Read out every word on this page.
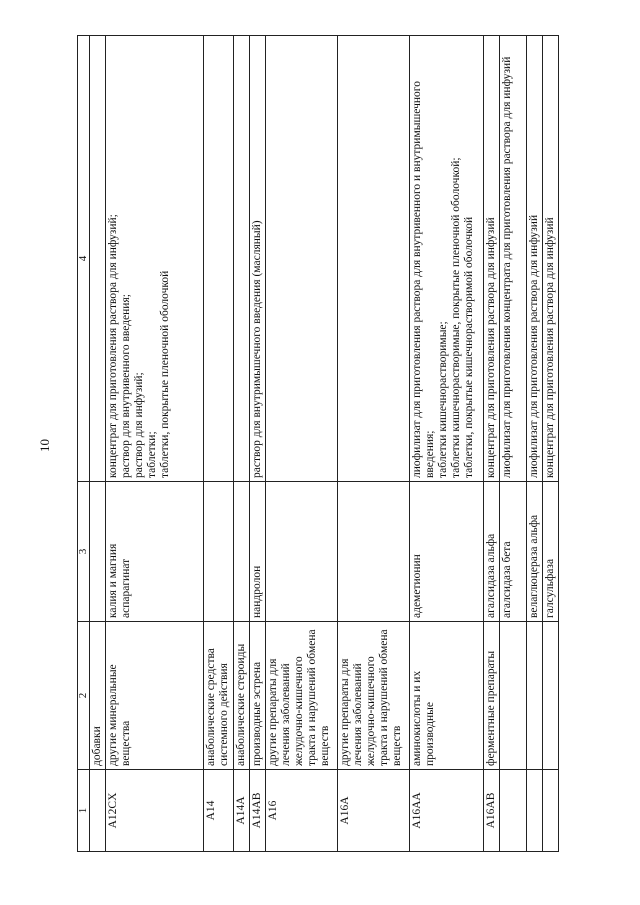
10
1	2	3	4
	добавки		
A12CX	другие минеральные вещества	калия и магния аспарагинат	концентрат для приготовления раствора для инфузий; раствор для внутривенного введения; раствор для инфузий; таблетки; таблетки, покрытые пленочной оболочкой

A14	анаболические средства системного действия		
A14A	анаболические стероиды		
A14AB	производные эстрена	нандролон	раствор для внутримышечного введения (масляный)

A16	другие препараты для лечения заболеваний желудочно-кишечного тракта и нарушений обмена веществ		
A16A	другие препараты для лечения заболеваний желудочно-кишечного тракта и нарушений обмена веществ		
A16AA	аминокислоты и их производные	адеметионин	лиофилизат для приготовления раствора для внутривенного и внутримышечного введения; таблетки кишечнорастворимые; таблетки кишечнорастворимые, покрытые пленочной оболочкой; таблетки, покрытые кишечнорастворимой оболочкой

A16AB	ферментные препараты	агалсидаза альфа	концентрат для приготовления раствора для инфузий

		агалсидаза бета	лиофилизат для приготовления концентрата для приготовления раствора для инфузий

		велаглюцераза альфа	лиофилизат для приготовления раствора для инфузий

		галсульфаза	концентрат для приготовления раствора для инфузий
